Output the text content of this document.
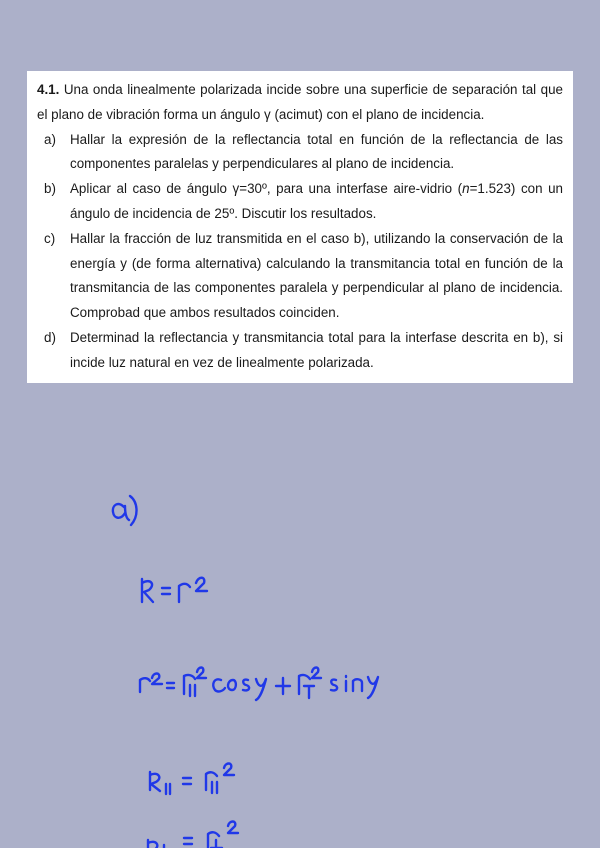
4.1. Una onda linealmente polarizada incide sobre una superficie de separación tal que el plano de vibración forma un ángulo γ (acimut) con el plano de incidencia.

a) Hallar la expresión de la reflectancia total en función de la reflectancia de las componentes paralelas y perpendiculares al plano de incidencia.
b) Aplicar al caso de ángulo γ=30º, para una interfase aire-vidrio (n=1.523) con un ángulo de incidencia de 25º. Discutir los resultados.
c) Hallar la fracción de luz transmitida en el caso b), utilizando la conservación de la energía y (de forma alternativa) calculando la transmitancia total en función de la transmitancia de las componentes paralela y perpendicular al plano de incidencia. Comprobad que ambos resultados coinciden.
d) Determinad la reflectancia y transmitancia total para la interfase descrita en b), si incide luz natural en vez de linealmente polarizada.
